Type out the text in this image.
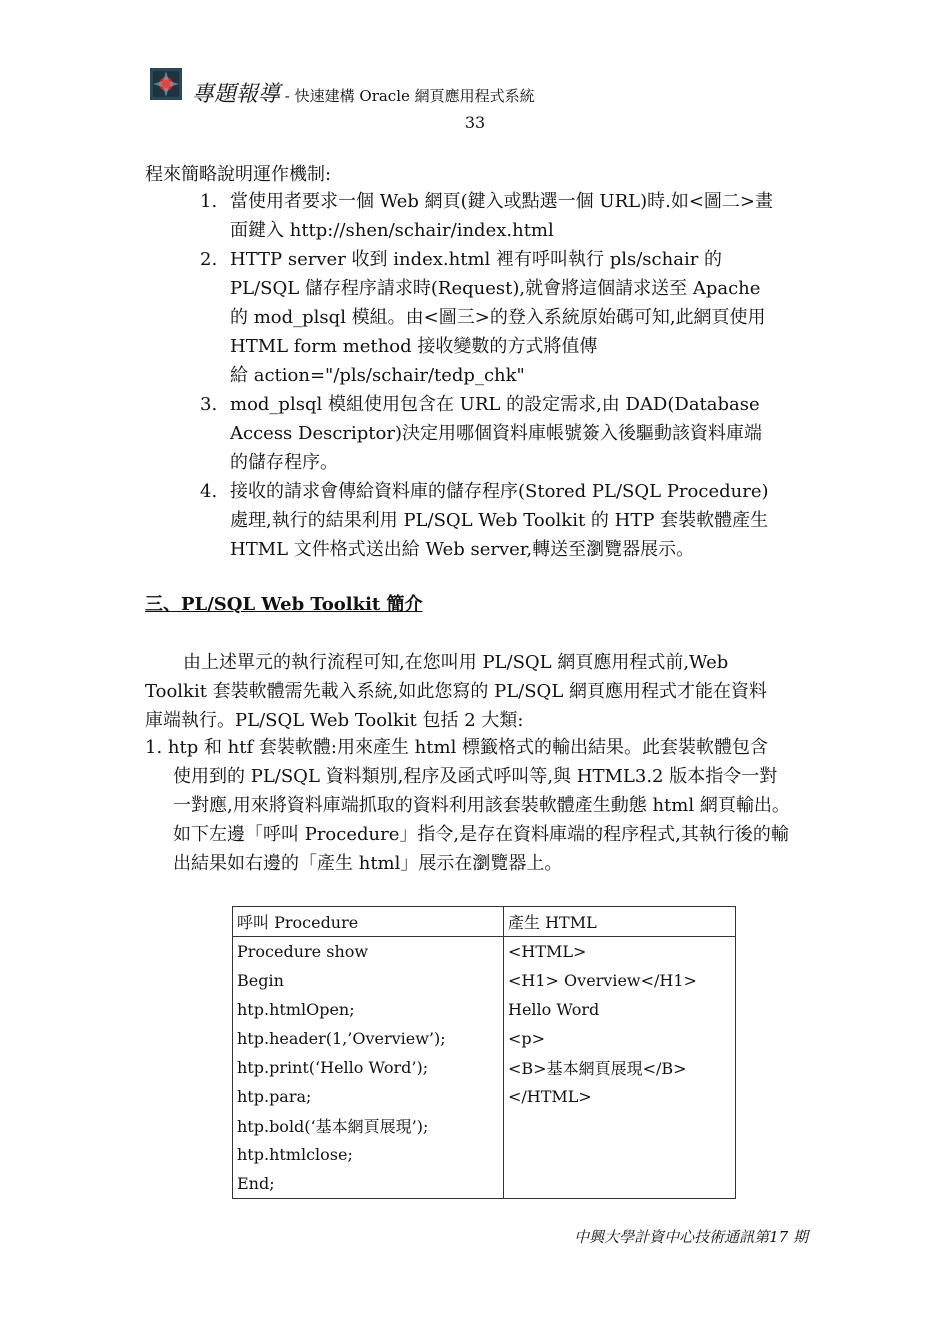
專題報導 - 快速建構 Oracle 網頁應用程式系統
33
程來簡略說明運作機制:
1. 當使用者要求一個 Web 網頁(鍵入或點選一個 URL)時.如<圖二>畫
面鍵入 http://shen/schair/index.html
2. HTTP server 收到 index.html 裡有呼叫執行 pls/schair 的
PL/SQL 儲存程序請求時(Request),就會將這個請求送至 Apache
的 mod_plsql 模組。由<圖三>的登入系統原始碼可知,此網頁使用
HTML form method 接收變數的方式將值傳
給 action="/pls/schair/tedp_chk"
3. mod_plsql 模組使用包含在 URL 的設定需求,由 DAD(Database
Access Descriptor)決定用哪個資料庫帳號簽入後驅動該資料庫端
的儲存程序。
4. 接收的請求會傳給資料庫的儲存程序(Stored PL/SQL Procedure)
處理,執行的結果利用 PL/SQL Web Toolkit 的 HTP 套裝軟體產生
HTML 文件格式送出給 Web server,轉送至瀏覽器展示。
三、PL/SQL Web Toolkit 簡介
由上述單元的執行流程可知,在您叫用 PL/SQL 網頁應用程式前,Web
Toolkit 套裝軟體需先載入系統,如此您寫的 PL/SQL 網頁應用程式才能在資料
庫端執行。PL/SQL Web Toolkit 包括 2 大類:
1. htp 和 htf 套裝軟體:用來產生 html 標籤格式的輸出結果。此套裝軟體包含
使用到的 PL/SQL 資料類別,程序及函式呼叫等,與 HTML3.2 版本指令一對
一對應,用來將資料庫端抓取的資料利用該套裝軟體產生動態 html 網頁輸出。
如下左邊「呼叫 Procedure」指令,是存在資料庫端的程序程式,其執行後的輸
出結果如右邊的「產生 html」展示在瀏覽器上。
呼叫 Procedure	產生 HTML
Procedure show	<HTML>
Begin	<H1> Overview</H1>
htp.htmlOpen;	Hello Word
htp.header(1,’Overview’);	<p>
htp.print(‘Hello Word’);	<B>基本網頁展現</B>
htp.para;	</HTML>
htp.bold(‘基本網頁展現’);	
htp.htmlclose;	
End;	
中興大學計資中心技術通訊第17 期
